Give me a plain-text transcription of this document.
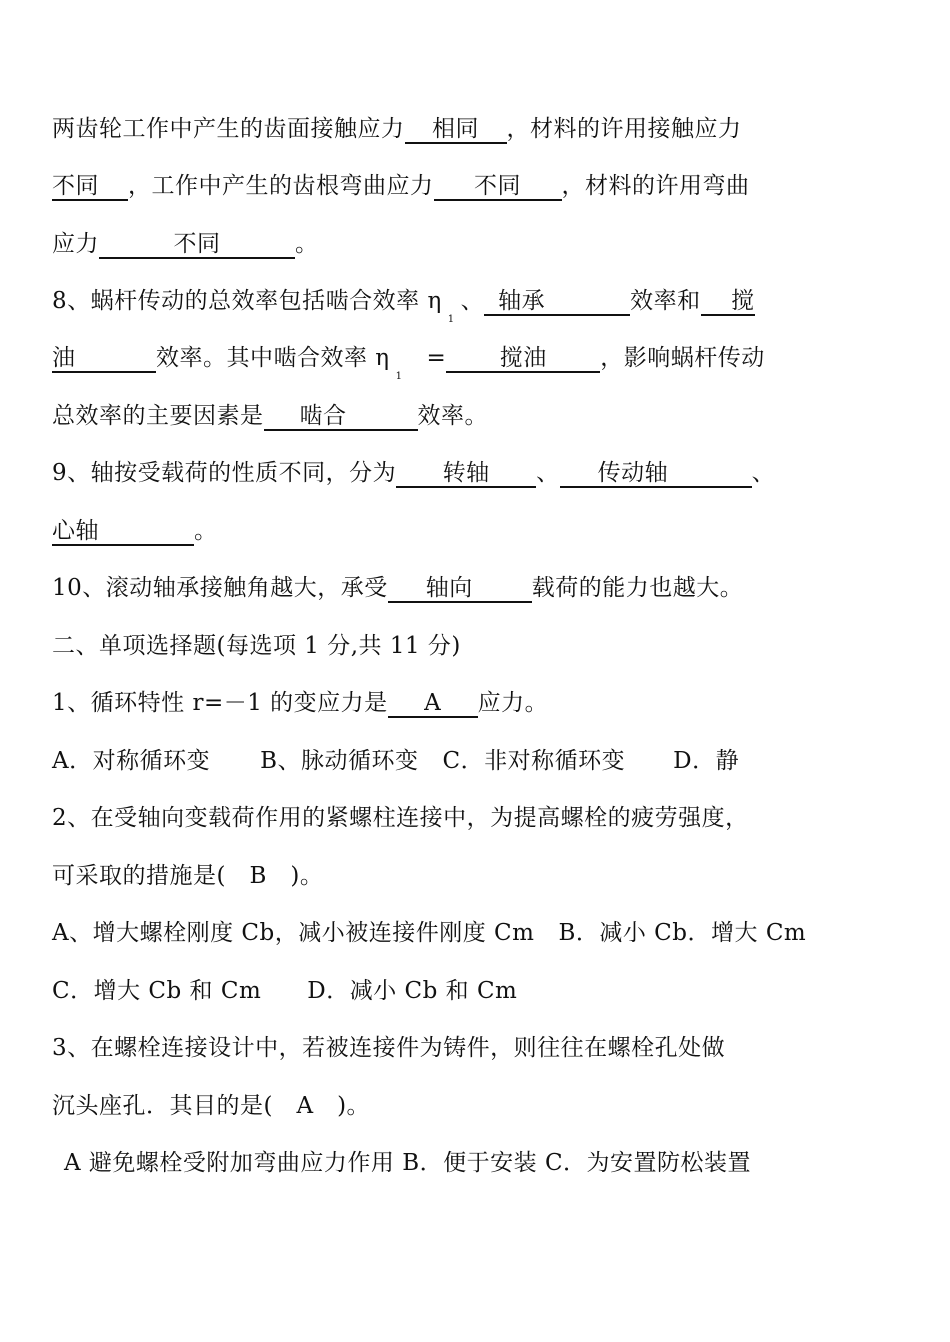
两齿轮工作中产生的齿面接触应力 相同 ，材料的许用接触应力
不同 ，工作中产生的齿根弯曲应力 不同 ，材料的许用弯曲
应力	不同	。
8、蜗杆传动的总效率包括啮合效率 $\eta_1$、 轴承	效率和 搅
油	效率。其中啮合效率 $\eta_1=$ 搅油 ，影响蜗杆传动
总效率的主要因素是 啮合	效率。
9、轴按受载荷的性质不同，分为 转轴 、 传动轴	、
心轴	。
10、滚动轴承接触角越大，承受 轴向	载荷的能力也越大。
二、单项选择题(每选项 1 分,共 11 分)
1、循环特性 r=－1 的变应力是 A 应力。
A．对称循环变 B、脉动循环变 C．非对称循环变 D．静
2、在受轴向变载荷作用的紧螺柱连接中，为提高螺栓的疲劳强度，
可采取的措施是(　B　)。
A、增大螺栓刚度 Cb，减小被连接件刚度 Cm B．减小 Cb．增大 Cm
C．增大 Cb 和 Cm D．减小 Cb 和 Cm
3、在螺栓连接设计中，若被连接件为铸件，则往往在螺栓孔处做
沉头座孔．其目的是(　A　)。
A 避免螺栓受附加弯曲应力作用 B．便于安装 C．为安置防松装置
